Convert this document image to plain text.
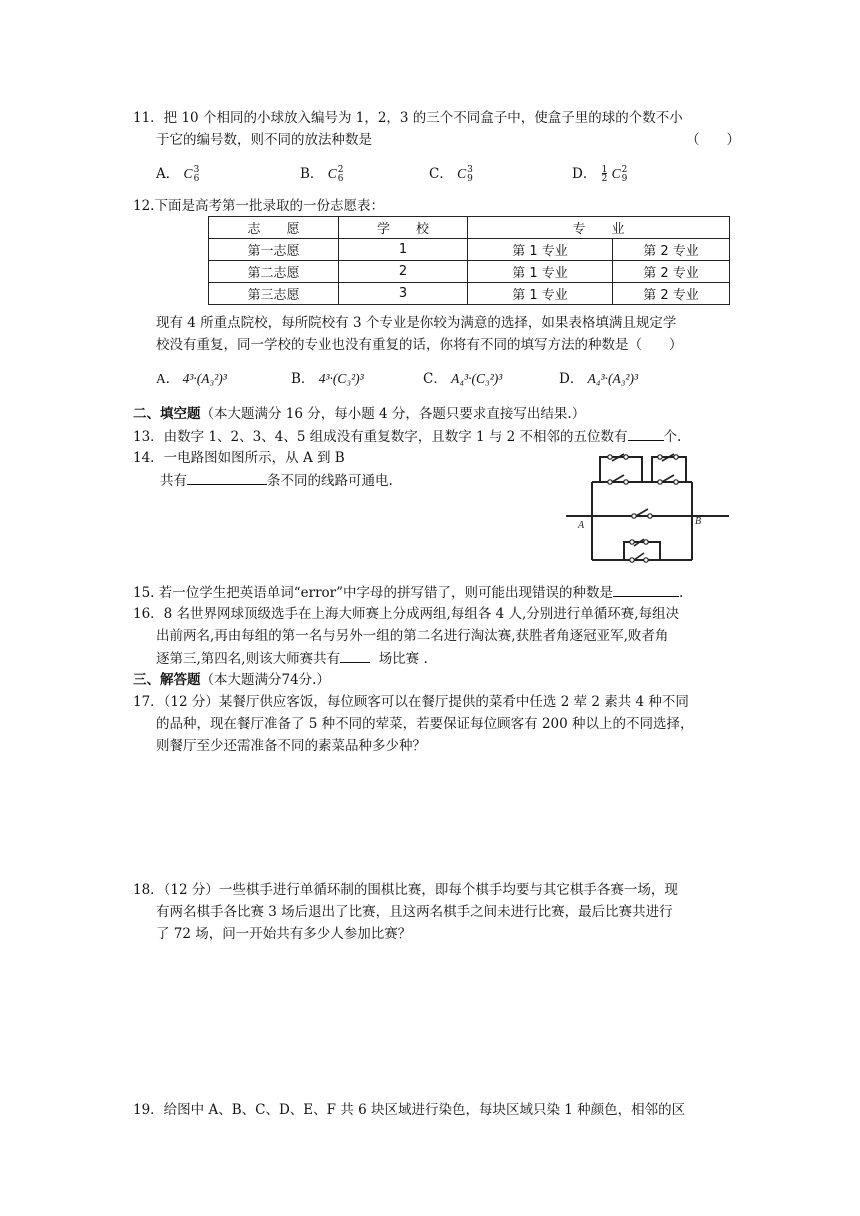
11．把 10 个相同的小球放入编号为 1，2，3 的三个不同盒子中，使盒子里的球的个数不小
于它的编号数，则不同的放法种数是	（　　）
A． C3
6	B． C2
6	C． C3
9	D． $\frac{1}{2} C2$
9
12.下面是高考第一批录取的一份志愿表：
志　　愿	学　　校	专　　业	
第一志愿	1	第 1 专业	第 2 专业
第二志愿	2	第 1 专业	第 2 专业
第三志愿	3	第 1 专业	第 2 专业
现有 4 所重点院校，每所院校有 3 个专业是你较为满意的选择，如果表格填满且规定学
校没有重复，同一学校的专业也没有重复的话，你将有不同的填写方法的种数是（　　）
A． 4³·(A₃²)³	B． 4³·(C₃²)³	C． A₄³·(C₃²)³	D． A₄³·(A₃²)³
二、填空题（本大题满分 16 分，每小题 4 分，各题只要求直接写出结果.）
13．由数字 1、2、3、4、5 组成没有重复数字，且数字 1 与 2 不相邻的五位数有	个.
14．一电路图如图所示，从 A 到 B
共有	条不同的线路可通电.
A	B
15. 若一位学生把英语单词“error”中字母的拼写错了，则可能出现错误的种数是	.
16．8 名世界网球顶级选手在上海大师赛上分成两组,每组各 4 人,分别进行单循环赛,每组决
出前两名,再由每组的第一名与另外一组的第二名进行淘汰赛,获胜者角逐冠亚军,败者角
逐第三,第四名,则该大师赛共有	场比赛 .
三、解答题（本大题满分74分.）
17．（12 分）某餐厅供应客饭，每位顾客可以在餐厅提供的菜肴中任选 2 荤 2 素共 4 种不同
的品种，现在餐厅准备了 5 种不同的荤菜，若要保证每位顾客有 200 种以上的不同选择，
则餐厅至少还需准备不同的素菜品种多少种？
18．（12 分）一些棋手进行单循环制的围棋比赛，即每个棋手均要与其它棋手各赛一场，现
有两名棋手各比赛 3 场后退出了比赛，且这两名棋手之间未进行比赛，最后比赛共进行
了 72 场，问一开始共有多少人参加比赛？
19．给图中 A、B、C、D、E、F 共 6 块区域进行染色，每块区域只染 1 种颜色，相邻的区
